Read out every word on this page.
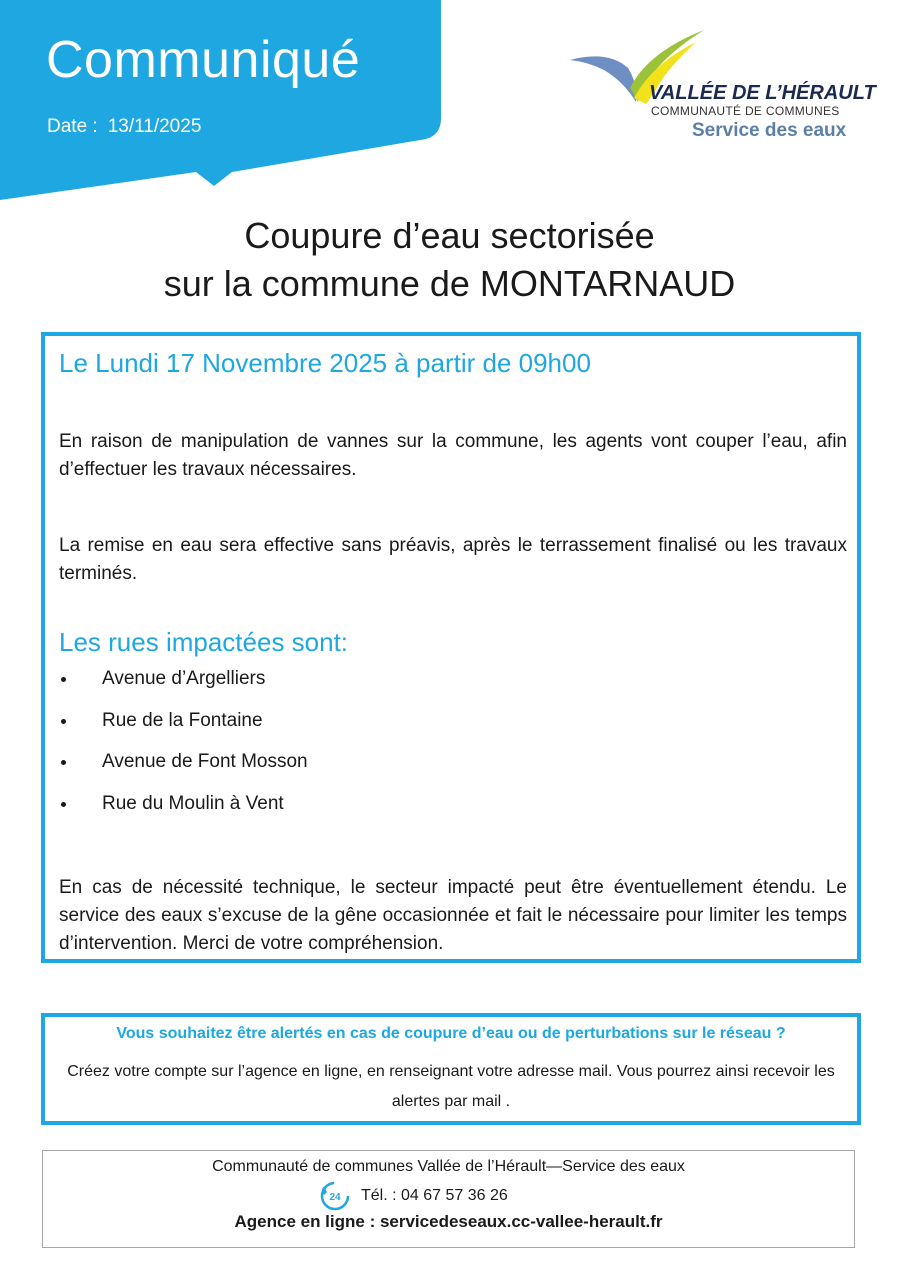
Communiqué
Date : 13/11/2025
VALLÉE DE L’HÉRAULT
COMMUNAUTÉ DE COMMUNES
Service des eaux
Coupure d’eau sectorisée
sur la commune de MONTARNAUD
Le Lundi 17 Novembre 2025 à partir de 09h00

En raison de manipulation de vannes sur la commune, les agents vont couper l’eau, afin d’effectuer les travaux nécessaires.

La remise en eau sera effective sans préavis, après le terrassement finalisé ou les travaux terminés.

Les rues impactées sont:
Avenue d’Argelliers
Rue de la Fontaine
Avenue de Font Mosson
Rue du Moulin à Vent

En cas de nécessité technique, le secteur impacté peut être éventuellement étendu. Le service des eaux s’excuse de la gêne occasionnée et fait le nécessaire pour limiter les temps d’intervention. Merci de votre compréhension.

Vous souhaitez être alertés en cas de coupure d’eau ou de perturbations sur le réseau ?

Créez votre compte sur l’agence en ligne, en renseignant votre adresse mail. Vous pourrez ainsi recevoir les alertes par mail .

Communauté de communes Vallée de l’Hérault—Service des eaux
24 Tél. :
04 67 57 36 26
Agence en ligne : servicedeseaux.cc-vallee-herault.fr
